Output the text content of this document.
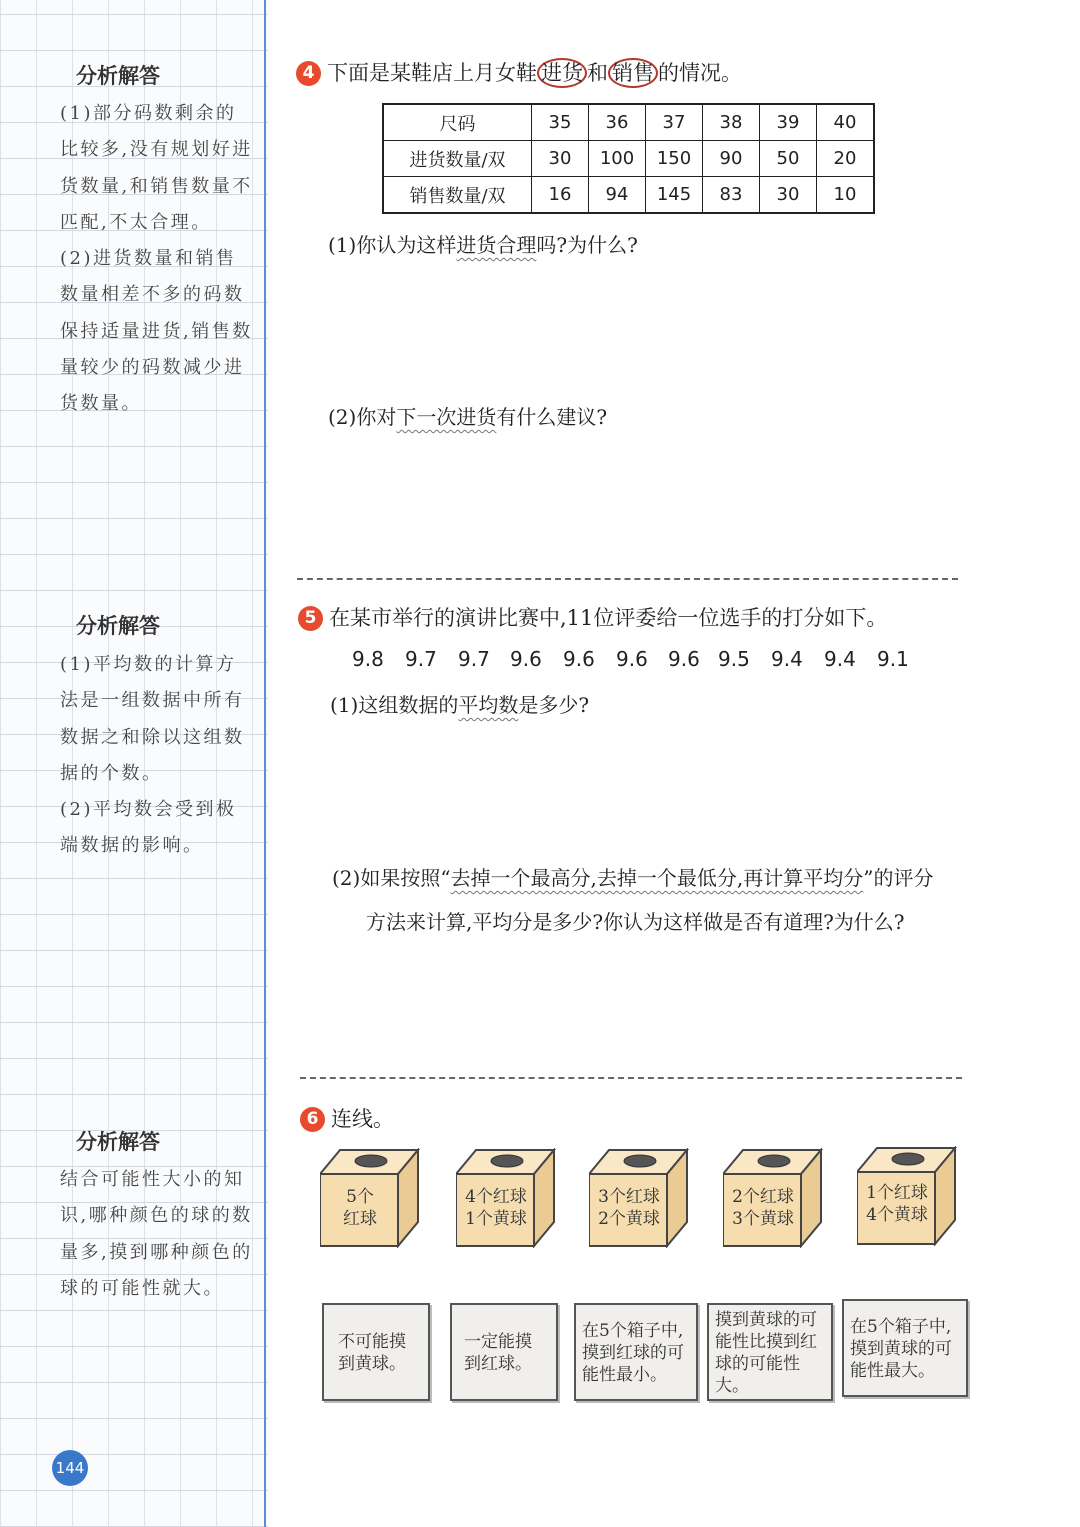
分析解答

(1)部分码数剩余的比较多,没有规划好进货数量,和销售数量不匹配,不太合理。

(2)进货数量和销售数量相差不多的码数保持适量进货,销售数量较少的码数减少进货数量。

分析解答

(1)平均数的计算方法是一组数据中所有数据之和除以这组数据的个数。

(2)平均数会受到极端数据的影响。

分析解答

结合可能性大小的知识,哪种颜色的球的数量多,摸到哪种颜色的球的可能性就大。

144
4 下面是某鞋店上月女鞋 进货 和 销售 的情况。
尺码	35	36	37	38	39	40
进货数量/双	30	100	150	90	50	20
销售数量/双	16	94	145	83	30	10
(1)你认为这样进货合理吗?为什么?
(2)你对下一次进货有什么建议?
5 在某市举行的演讲比赛中,11位评委给一位选手的打分如下。
9.8 9.7 9.7 9.6 9.6 9.6 9.6 9.5 9.4 9.4 9.1
(1)这组数据的平均数是多少?
(2)如果按照“去掉一个最高分,去掉一个最低分,再计算平均分”的评分
方法来计算,平均分是多少?你认为这样做是否有道理?为什么?
6 连线。
5个
红球
4个红球
1个黄球
3个红球
2个黄球
2个红球
3个黄球
1个红球
4个黄球
不可能摸到黄球。
一定能摸到红球。
在5个箱子中,摸到红球的可能性最小。
摸到黄球的可能性比摸到红球的可能性大。
在5个箱子中,摸到黄球的可能性最大。
